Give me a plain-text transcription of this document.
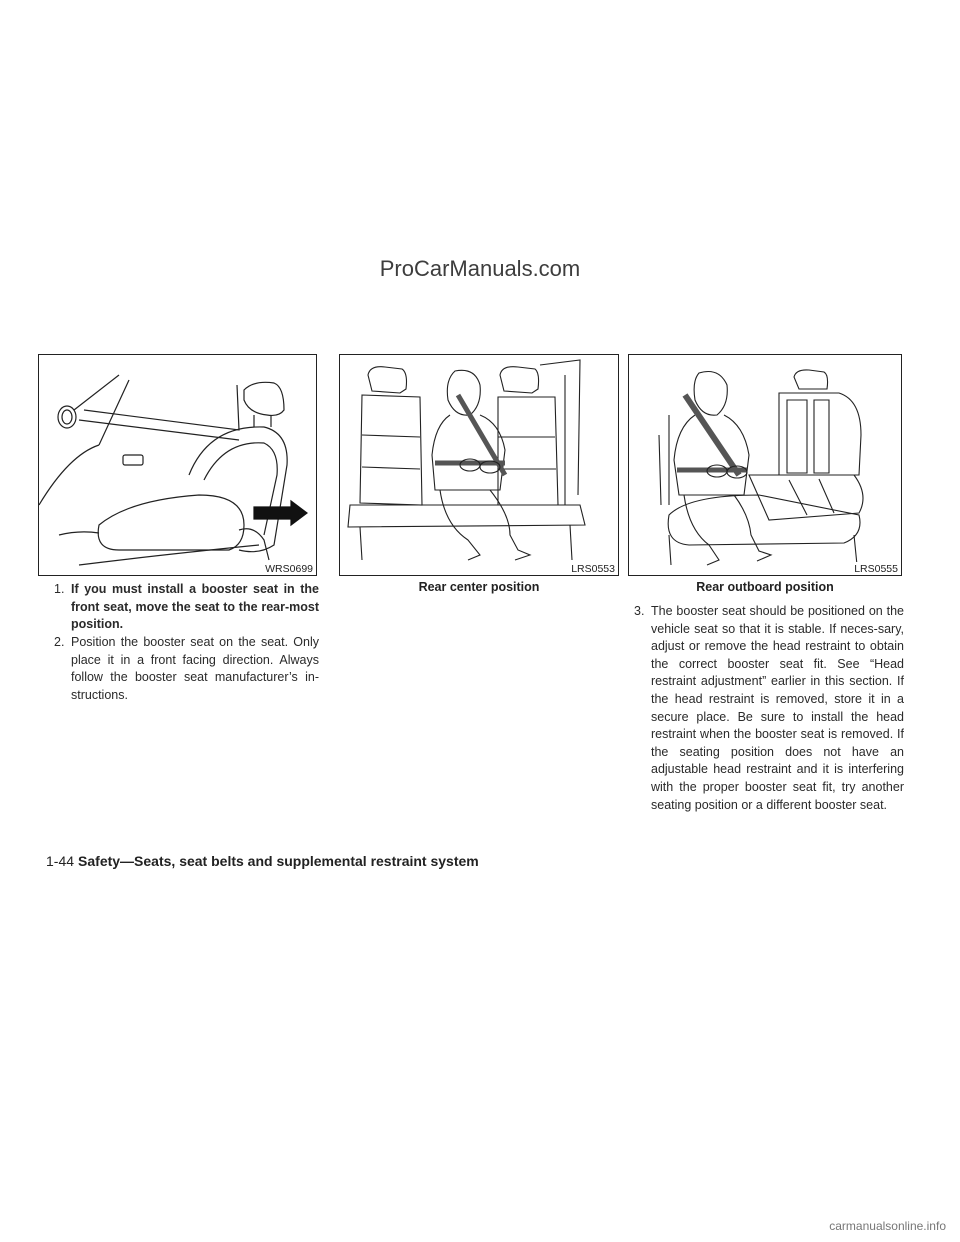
ProCarManuals.com
WRS0699	LRS0553	LRS0555
Rear center position	Rear outboard position
1. If you must install a booster seat in the front seat, move the seat to the rear-most position.
2. Position the booster seat on the seat. Only place it in a front facing direction. Always follow the booster seat manufacturer’s in-structions.
3. The booster seat should be positioned on the vehicle seat so that it is stable. If neces-sary, adjust or remove the head restraint to obtain the correct booster seat fit. See “Head restraint adjustment” earlier in this section. If the head restraint is removed, store it in a secure place. Be sure to install the head restraint when the booster seat is removed. If the seating position does not have an adjustable head restraint and it is interfering with the proper booster seat fit, try another seating position or a different booster seat.
1-44 Safety—Seats, seat belts and supplemental restraint system
carmanualsonline.info
